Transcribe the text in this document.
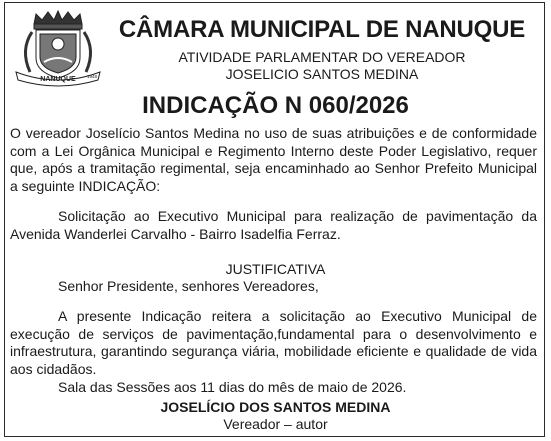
NANUQUE	1948
CÂMARA MUNICIPAL DE NANUQUE
ATIVIDADE PARLAMENTAR DO VEREADOR
JOSELICIO SANTOS MEDINA
INDICAÇÃO N 060/2026
O vereador Joselício Santos Medina no uso de suas atribuições e de conformidade com a Lei Orgânica Municipal e Regimento Interno deste Poder Legislativo, requer que, após a tramitação regimental, seja encaminhado ao Senhor Prefeito Municipal a seguinte INDICAÇÃO:
Solicitação ao Executivo Municipal para realização de pavimentação da Avenida Wanderlei Carvalho - Bairro Isadelfia Ferraz.
JUSTIFICATIVA
Senhor Presidente, senhores Vereadores,
A presente Indicação reitera a solicitação ao Executivo Municipal de execução de serviços de pavimentação,fundamental para o desenvolvimento e infraestrutura, garantindo segurança viária, mobilidade eficiente e qualidade de vida aos cidadãos.
Sala das Sessões aos 11 dias do mês de maio de 2026.
JOSELÍCIO DOS SANTOS MEDINA
Vereador – autor
